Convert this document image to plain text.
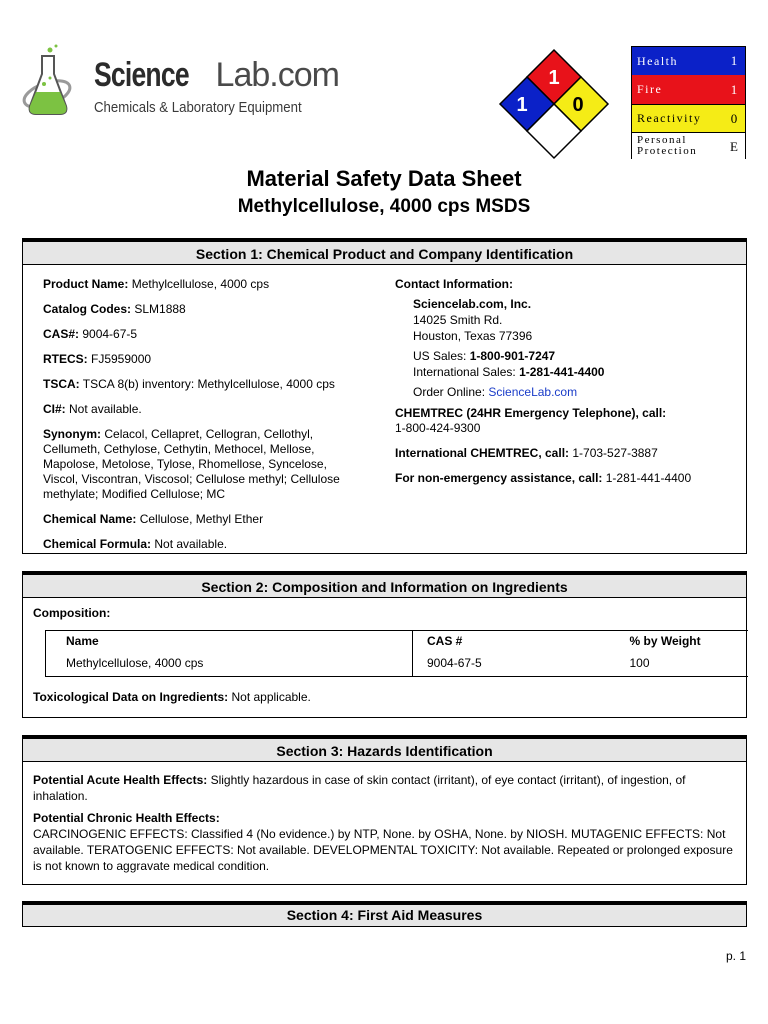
Science Lab.com
Chemicals & Laboratory Equipment
1
1 0
Health	1
Fire	1
Reactivity	0
Personal
Protection	E
Material Safety Data Sheet
Methylcellulose, 4000 cps MSDS
Section 1: Chemical Product and Company Identification
Product Name: Methylcellulose, 4000 cps
Catalog Codes: SLM1888
CAS#: 9004-67-5
RTECS: FJ5959000
TSCA: TSCA 8(b) inventory: Methylcellulose, 4000 cps
CI#: Not available.
Synonym: Celacol, Cellapret, Cellogran, Cellothyl, Cellumeth, Cethylose, Cethytin, Methocel, Mellose, Mapolose, Metolose, Tylose, Rhomellose, Syncelose, Viscol, Viscontran, Viscosol; Cellulose methyl; Cellulose methylate; Modified Cellulose; MC
Chemical Name: Cellulose, Methyl Ether
Chemical Formula: Not available.
Contact Information:
Sciencelab.com, Inc.
14025 Smith Rd.
Houston, Texas 77396
US Sales: 1-800-901-7247
International Sales: 1-281-441-4400
Order Online: ScienceLab.com
CHEMTREC (24HR Emergency Telephone), call:
1-800-424-9300
International CHEMTREC, call: 1-703-527-3887
For non-emergency assistance, call: 1-281-441-4400
Section 2: Composition and Information on Ingredients
Composition:
Name	CAS #	% by Weight
Methylcellulose, 4000 cps	9004-67-5	100
Toxicological Data on Ingredients: Not applicable.
Section 3: Hazards Identification
Potential Acute Health Effects: Slightly hazardous in case of skin contact (irritant), of eye contact (irritant), of ingestion, of inhalation.
Potential Chronic Health Effects:
CARCINOGENIC EFFECTS: Classified 4 (No evidence.) by NTP, None. by OSHA, None. by NIOSH. MUTAGENIC EFFECTS: Not available. TERATOGENIC EFFECTS: Not available. DEVELOPMENTAL TOXICITY: Not available. Repeated or prolonged exposure is not known to aggravate medical condition.
Section 4: First Aid Measures
p. 1
